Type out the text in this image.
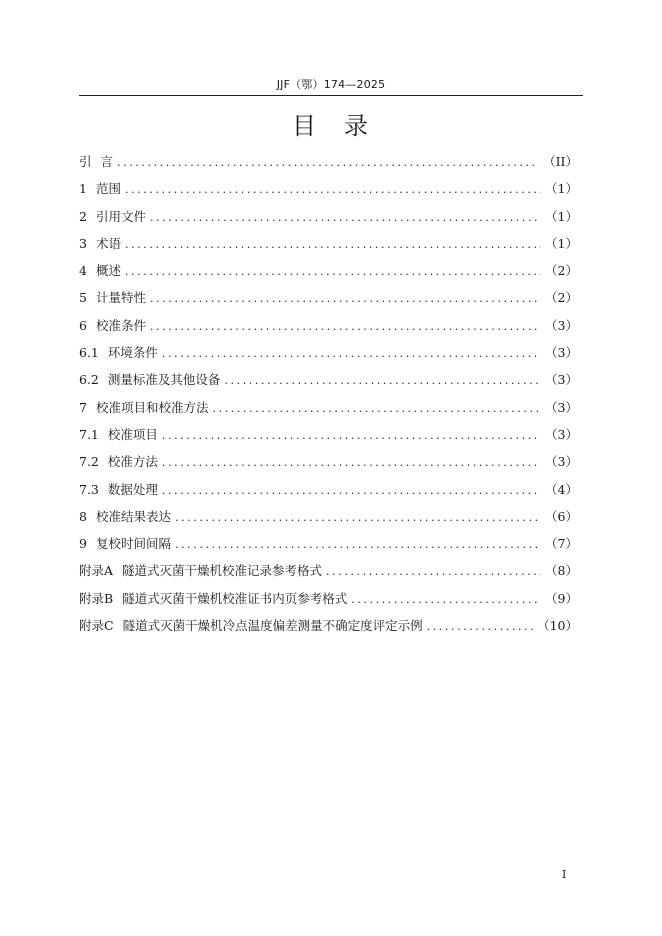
JJF（鄂）174—2025
目　录
引 言 .....	（II）
1 范围 .....	（1）
2 引用文件 .....	（1）
3 术语 .....	（1）
4 概述 .....	（2）
5 计量特性 .....	（2）
6 校准条件 .....	（3）
6.1 环境条件 .....	（3）
6.2 测量标准及其他设备 .....	（3）
7 校准项目和校准方法 .....	（3）
7.1 校准项目 .....	（3）
7.2 校准方法 .....	（3）
7.3 数据处理 .....	（4）
8 校准结果表达 .....	（6）
9 复校时间间隔 .....	（7）
附录A 隧道式灭菌干燥机校准记录参考格式 .....	（8）
附录B 隧道式灭菌干燥机校准证书内页参考格式 .....	（9）
附录C 隧道式灭菌干燥机冷点温度偏差测量不确定度评定示例 .....	（10）
I
